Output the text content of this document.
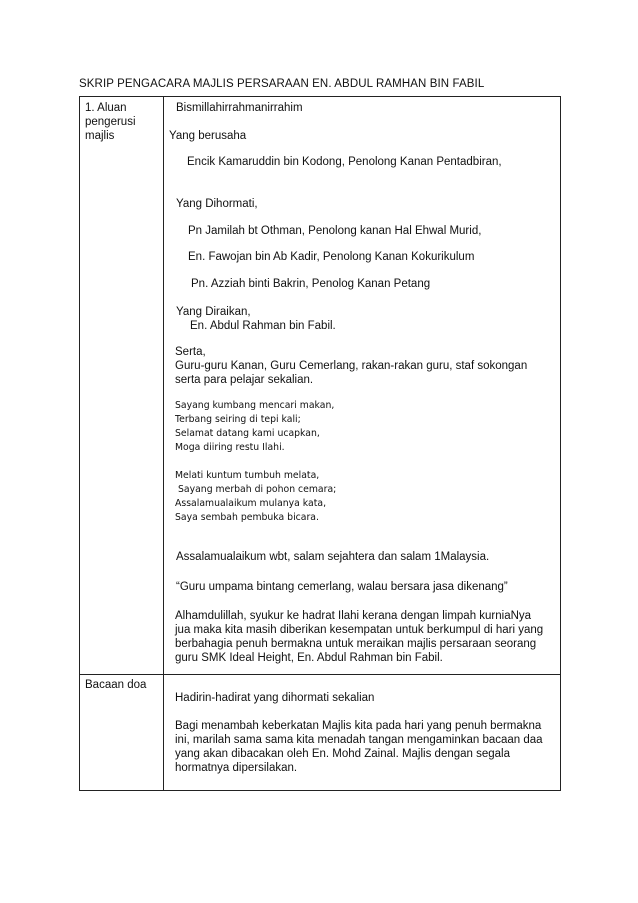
SKRIP PENGACARA MAJLIS PERSARAAN EN. ABDUL RAMHAN BIN FABIL
1. Aluan
pengerusi
majlis
Bismillahirrahmanirrahim
Yang berusaha
Encik Kamaruddin bin Kodong, Penolong Kanan Pentadbiran,
Yang Dihormati,
Pn Jamilah bt Othman, Penolong kanan Hal Ehwal Murid,
En. Fawojan bin Ab Kadir, Penolong Kanan Kokurikulum
Pn. Azziah binti Bakrin, Penolog Kanan Petang
Yang Diraikan,
En. Abdul Rahman bin Fabil.
Serta,
Guru-guru Kanan, Guru Cemerlang, rakan-rakan guru, staf sokongan
serta para pelajar sekalian.
Sayang kumbang mencari makan,
Terbang seiring di tepi kali;
Selamat datang kami ucapkan,
Moga diiring restu Ilahi.
Melati kuntum tumbuh melata,
Sayang merbah di pohon cemara;
Assalamualaikum mulanya kata,
Saya sembah pembuka bicara.
Assalamualaikum wbt, salam sejahtera dan salam 1Malaysia.
“Guru umpama bintang cemerlang, walau bersara jasa dikenang”
Alhamdulillah, syukur ke hadrat Ilahi kerana dengan limpah kurniaNya
jua maka kita masih diberikan kesempatan untuk berkumpul di hari yang
berbahagia penuh bermakna untuk meraikan majlis persaraan seorang
guru SMK Ideal Height, En. Abdul Rahman bin Fabil.
Bacaan doa
Hadirin-hadirat yang dihormati sekalian
Bagi menambah keberkatan Majlis kita pada hari yang penuh bermakna
ini, marilah sama sama kita menadah tangan mengaminkan bacaan daa
yang akan dibacakan oleh En. Mohd Zainal. Majlis dengan segala
hormatnya dipersilakan.
